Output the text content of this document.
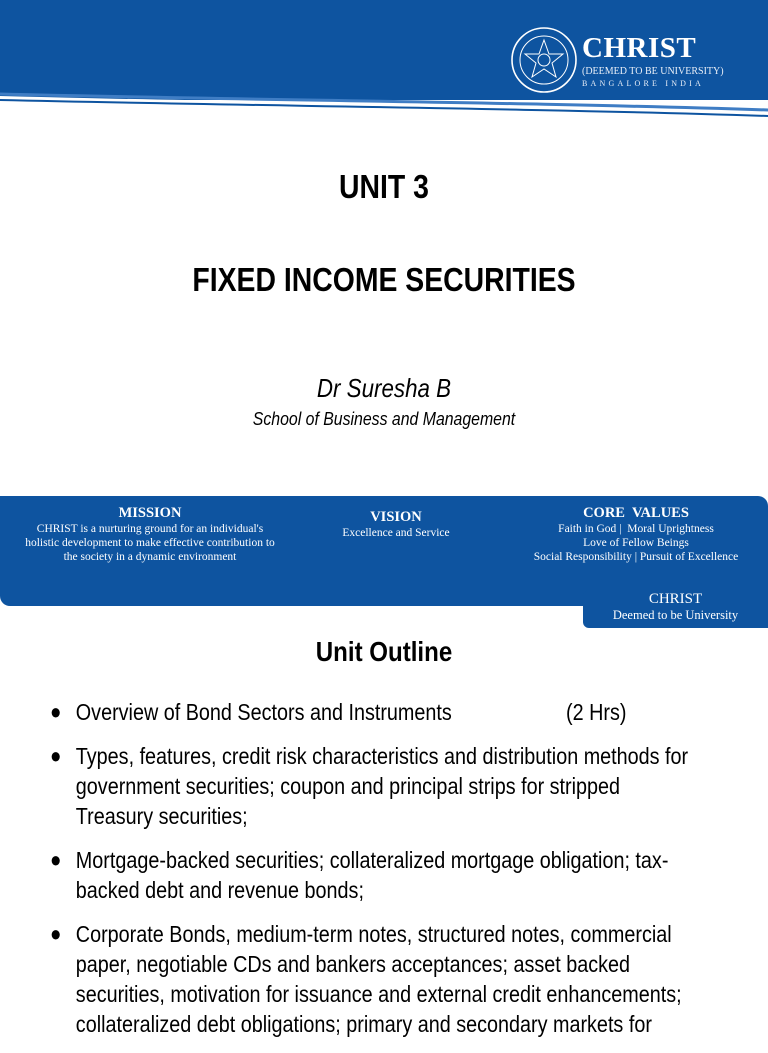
CHRIST
(DEEMED TO BE UNIVERSITY)
BANGALORE INDIA
UNIT 3
FIXED INCOME SECURITIES
Dr Suresha B
School of Business and Management
MISSION
CHRIST is a nurturing ground for an individual's
holistic development to make effective contribution to
the society in a dynamic environment
VISION
Excellence and Service
CORE  VALUES
Faith in God |  Moral Uprightness
Love of Fellow Beings
Social Responsibility | Pursuit of Excellence
CHRIST
Deemed to be University
Unit Outline
● Overview of Bond Sectors and Instruments	(2 Hrs)
● Types, features, credit risk characteristics and distribution methods for
government securities; coupon and principal strips for stripped
Treasury securities;
● Mortgage-backed securities; collateralized mortgage obligation; tax-
backed debt and revenue bonds;
● Corporate Bonds, medium-term notes, structured notes, commercial
paper, negotiable CDs and bankers acceptances; asset backed
securities, motivation for issuance and external credit enhancements;
collateralized debt obligations; primary and secondary markets for
